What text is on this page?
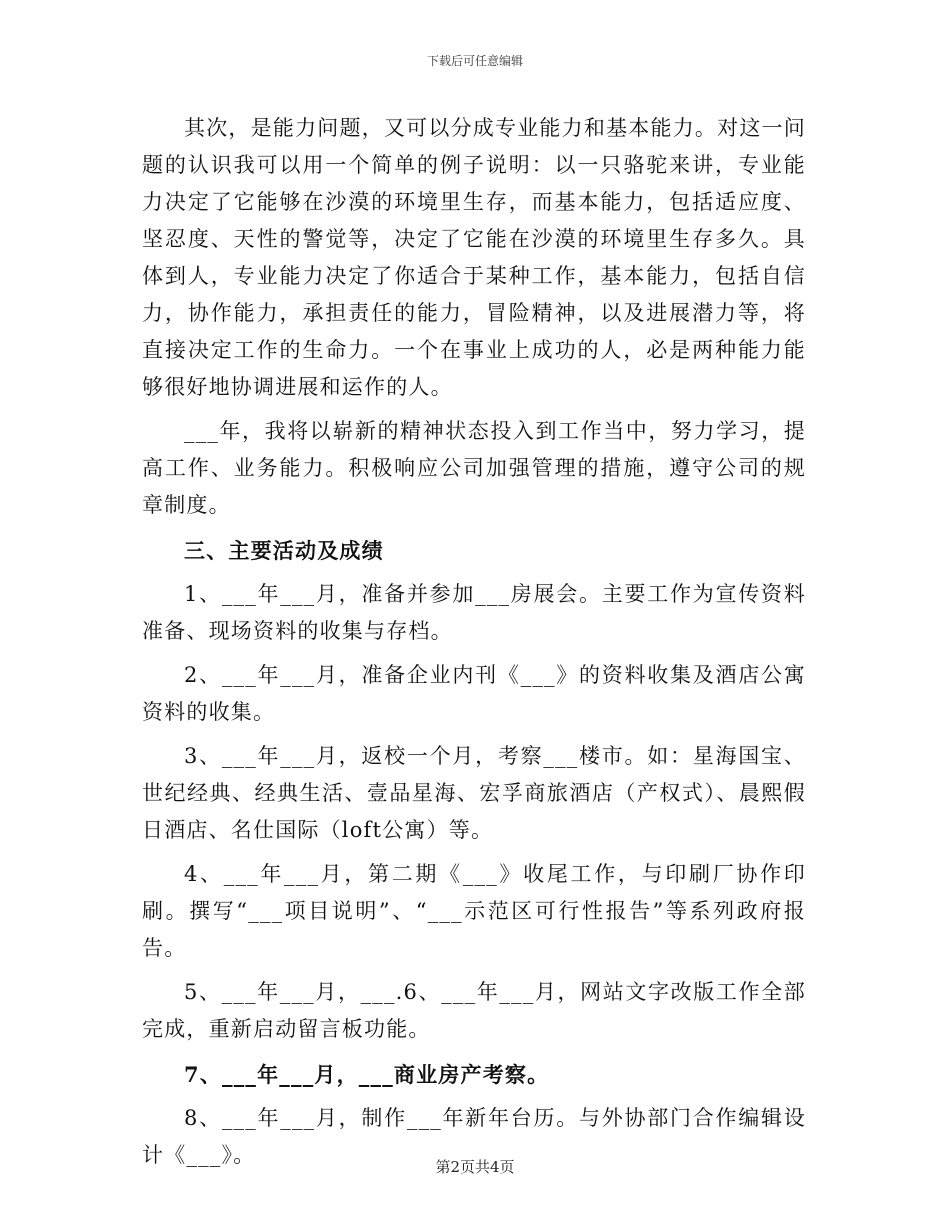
下载后可任意编辑

其次，是能力问题，又可以分成专业能力和基本能力。对这一问题的认识我可以用一个简单的例子说明：以一只骆驼来讲，专业能力决定了它能够在沙漠的环境里生存，而基本能力，包括适应度、坚忍度、天性的警觉等，决定了它能在沙漠的环境里生存多久。具体到人，专业能力决定了你适合于某种工作，基本能力，包括自信力，协作能力，承担责任的能力，冒险精神，以及进展潜力等，将直接决定工作的生命力。一个在事业上成功的人，必是两种能力能够很好地协调进展和运作的人。

___年，我将以崭新的精神状态投入到工作当中，努力学习，提高工作、业务能力。积极响应公司加强管理的措施，遵守公司的规章制度。

三、主要活动及成绩

1、___年___月，准备并参加___房展会。主要工作为宣传资料准备、现场资料的收集与存档。

2、___年___月，准备企业内刊《___》的资料收集及酒店公寓资料的收集。

3、___年___月，返校一个月，考察___楼市。如：星海国宝、世纪经典、经典生活、壹品星海、宏孚商旅酒店（产权式）、晨熙假日酒店、名仕国际（loft公寓）等。

4、___年___月，第二期《___》收尾工作，与印刷厂协作印刷。撰写“___项目说明”、“___示范区可行性报告”等系列政府报告。

5、___年___月，___.6、___年___月，网站文字改版工作全部完成，重新启动留言板功能。

7、___年___月，___商业房产考察。

8、___年___月，制作___年新年台历。与外协部门合作编辑设计《___》。	第2页共4页
